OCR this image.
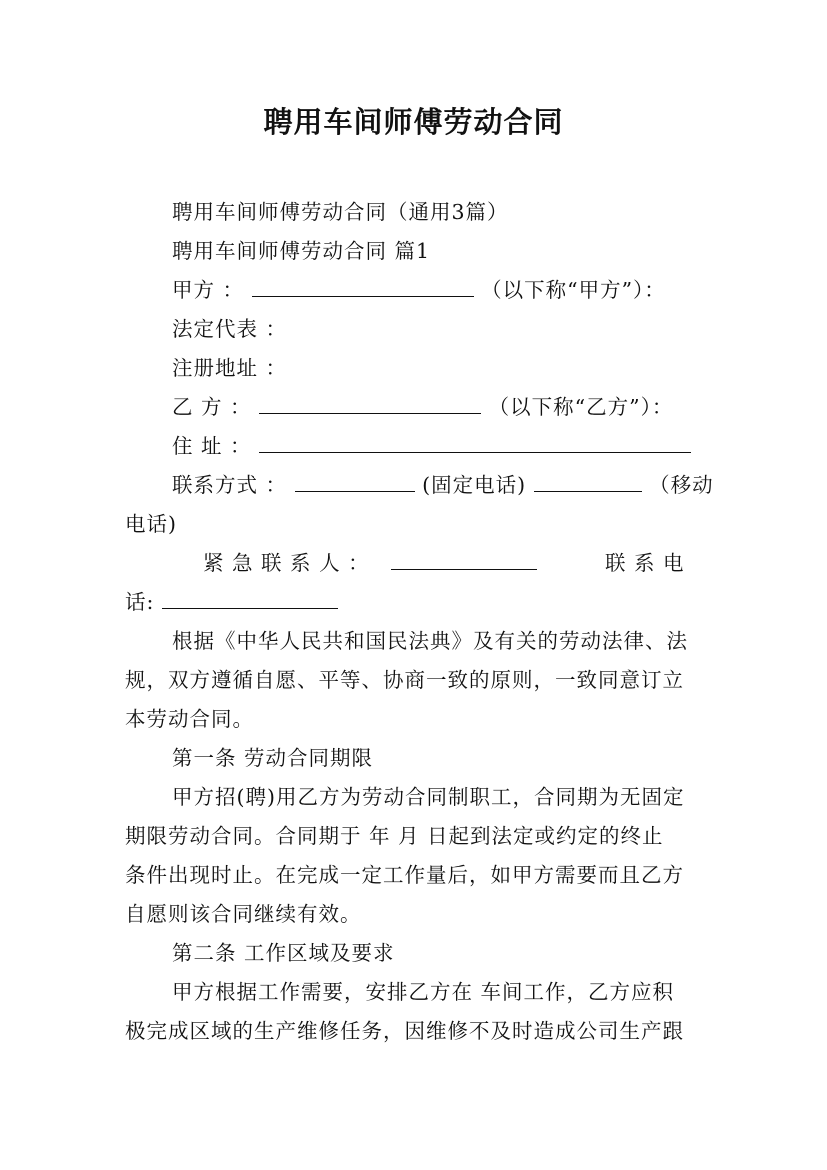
聘用车间师傅劳动合同
聘用车间师傅劳动合同（通用3篇）
聘用车间师傅劳动合同 篇1
甲方 ：	（以下称“甲方”）：
法定代表 ：
注册地址 ：
乙 方 ：	（以下称“乙方”）：
住 址 ：
联系方式 ：	(固定电话)	（移动
电话)
紧 急 联 系 人 ：	联 系 电
话:
根据《中华人民共和国民法典》及有关的劳动法律、法
规，双方遵循自愿、平等、协商一致的原则，一致同意订立
本劳动合同。
第一条 劳动合同期限
甲方招(聘)用乙方为劳动合同制职工，合同期为无固定
期限劳动合同。合同期于 年 月 日起到法定或约定的终止
条件出现时止。在完成一定工作量后，如甲方需要而且乙方
自愿则该合同继续有效。
第二条 工作区域及要求
甲方根据工作需要，安排乙方在 车间工作，乙方应积
极完成区域的生产维修任务，因维修不及时造成公司生产跟
